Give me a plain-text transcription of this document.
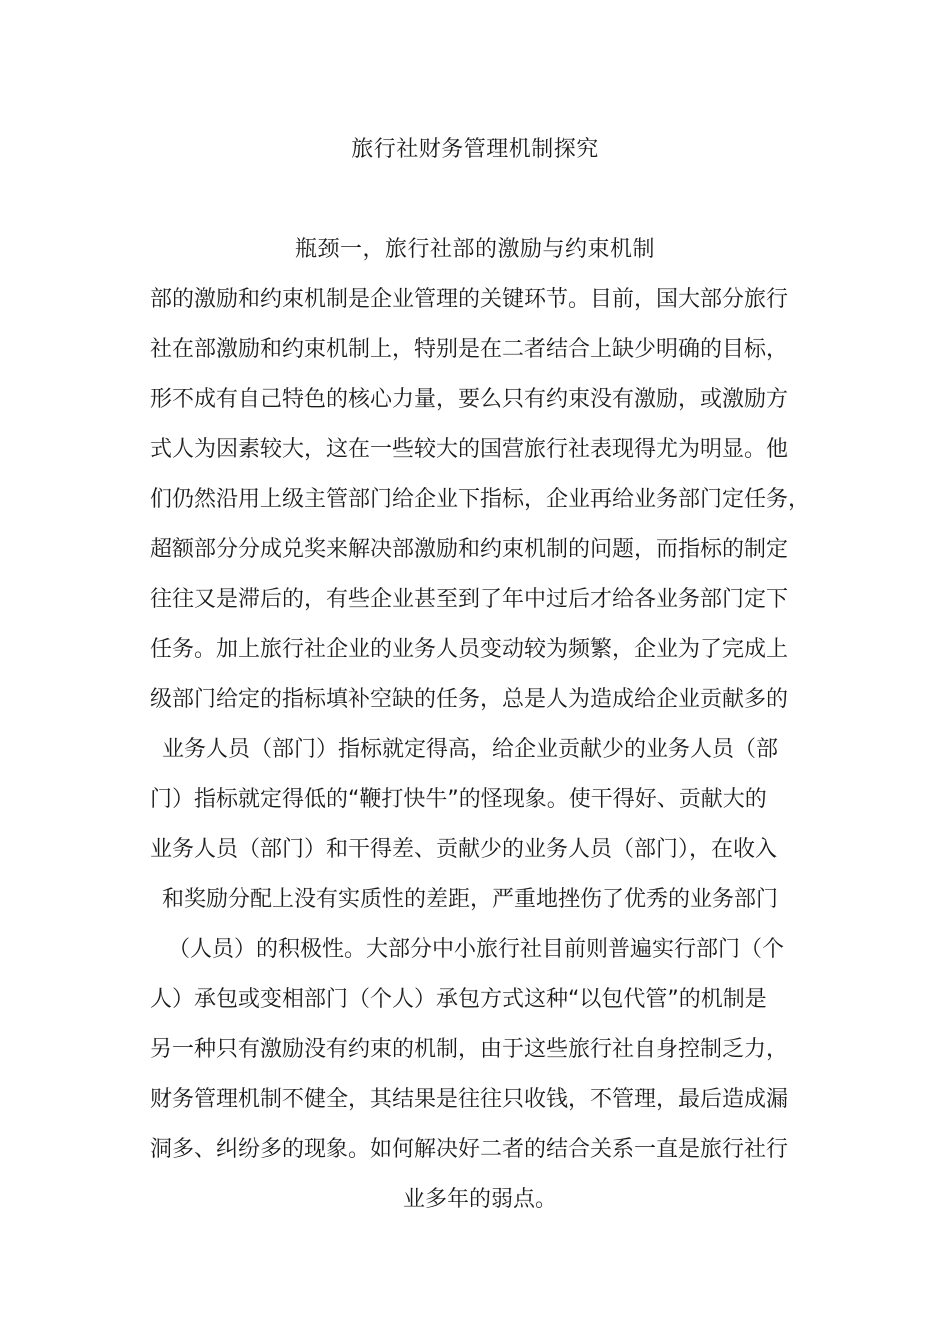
旅行社财务管理机制探究
瓶颈一，旅行社部的激励与约束机制
部的激励和约束机制是企业管理的关键环节。目前，国大部分旅行
社在部激励和约束机制上，特别是在二者结合上缺少明确的目标，
形不成有自己特色的核心力量，要么只有约束没有激励，或激励方
式人为因素较大，这在一些较大的国营旅行社表现得尤为明显。他
们仍然沿用上级主管部门给企业下指标，企业再给业务部门定任务，
超额部分分成兑奖来解决部激励和约束机制的问题，而指标的制定
往往又是滞后的，有些企业甚至到了年中过后才给各业务部门定下
任务。加上旅行社企业的业务人员变动较为频繁，企业为了完成上
级部门给定的指标填补空缺的任务，总是人为造成给企业贡献多的
业务人员（部门）指标就定得高，给企业贡献少的业务人员（部
门）指标就定得低的“鞭打快牛”的怪现象。使干得好、贡献大的
业务人员（部门）和干得差、贡献少的业务人员（部门），在收入
和奖励分配上没有实质性的差距，严重地挫伤了优秀的业务部门
（人员）的积极性。大部分中小旅行社目前则普遍实行部门（个
人）承包或变相部门（个人）承包方式这种“以包代管”的机制是
另一种只有激励没有约束的机制，由于这些旅行社自身控制乏力，
财务管理机制不健全，其结果是往往只收钱，不管理，最后造成漏
洞多、纠纷多的现象。如何解决好二者的结合关系一直是旅行社行
业多年的弱点。
